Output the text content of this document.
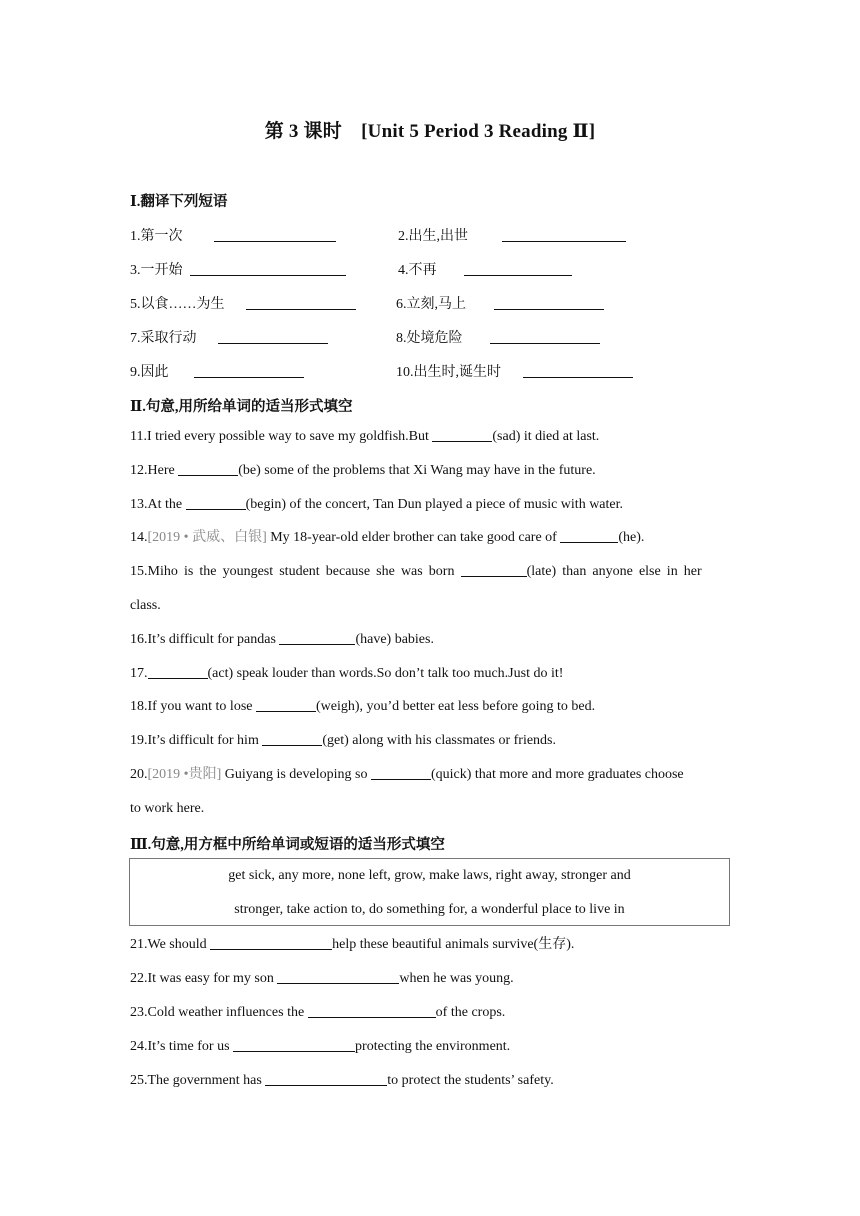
第 3 课时　[Unit 5 Period 3 Reading Ⅱ]
Ⅰ.翻译下列短语
1.第一次	2.出生,出世
3.一开始	4.不再
5.以食……为生	6.立刻,马上
7.采取行动	8.处境危险
9.因此	10.出生时,诞生时
Ⅱ.句意,用所给单词的适当形式填空
11.I tried every possible way to save my goldfish.But	(sad) it died at last.
12.Here	(be) some of the problems that Xi Wang may have in the future.
13.At the	(begin) of the concert, Tan Dun played a piece of music with water.
14.[2019 • 武威、白银] My 18-year-old elder brother can take good care of	(he).
15.Miho is the youngest student because she was born	(late) than anyone else in her
class.
16.It’s difficult for pandas	(have) babies.
17.	(act) speak louder than words.So don’t talk too much.Just do it!
18.If you want to lose	(weigh), you’d better eat less before going to bed.
19.It’s difficult for him	(get) along with his classmates or friends.
20.[2019 •贵阳] Guiyang is developing so	(quick) that more and more graduates choose
to work here.
Ⅲ.句意,用方框中所给单词或短语的适当形式填空
get sick, any more, none left, grow, make laws, right away, stronger and
stronger, take action to, do something for, a wonderful place to live in
21.We should	help these beautiful animals survive(生存).
22.It was easy for my son	when he was young.
23.Cold weather influences the	of the crops.
24.It’s time for us	protecting the environment.
25.The government has	to protect the students’ safety.
